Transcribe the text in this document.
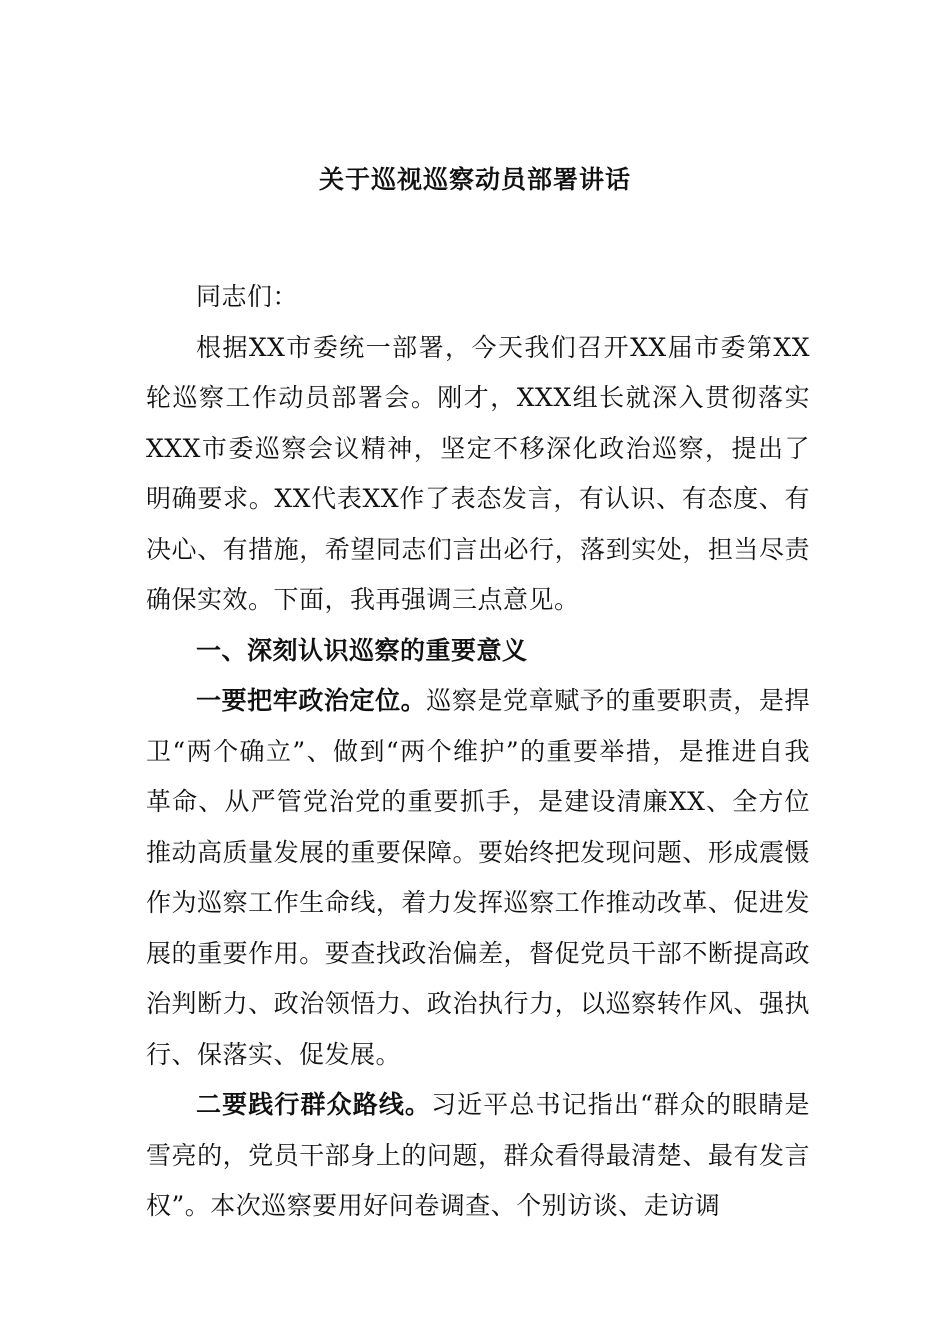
关于巡视巡察动员部署讲话

同志们：

根据XX市委统一部署，今天我们召开XX届市委第XX轮巡察工作动员部署会。刚才，XXX组长就深入贯彻落实XXX市委巡察会议精神，坚定不移深化政治巡察，提出了明确要求。XX代表XX作了表态发言，有认识、有态度、有决心、有措施，希望同志们言出必行，落到实处，担当尽责确保实效。下面，我再强调三点意见。

一、深刻认识巡察的重要意义

一要把牢政治定位。巡察是党章赋予的重要职责，是捍卫“两个确立”、做到“两个维护”的重要举措，是推进自我革命、从严管党治党的重要抓手，是建设清廉XX、全方位推动高质量发展的重要保障。要始终把发现问题、形成震慑作为巡察工作生命线，着力发挥巡察工作推动改革、促进发展的重要作用。要查找政治偏差，督促党员干部不断提高政治判断力、政治领悟力、政治执行力，以巡察转作风、强执行、保落实、促发展。

二要践行群众路线。习近平总书记指出“群众的眼睛是雪亮的，党员干部身上的问题，群众看得最清楚、最有发言权”。本次巡察要用好问卷调查、个别访谈、走访调
